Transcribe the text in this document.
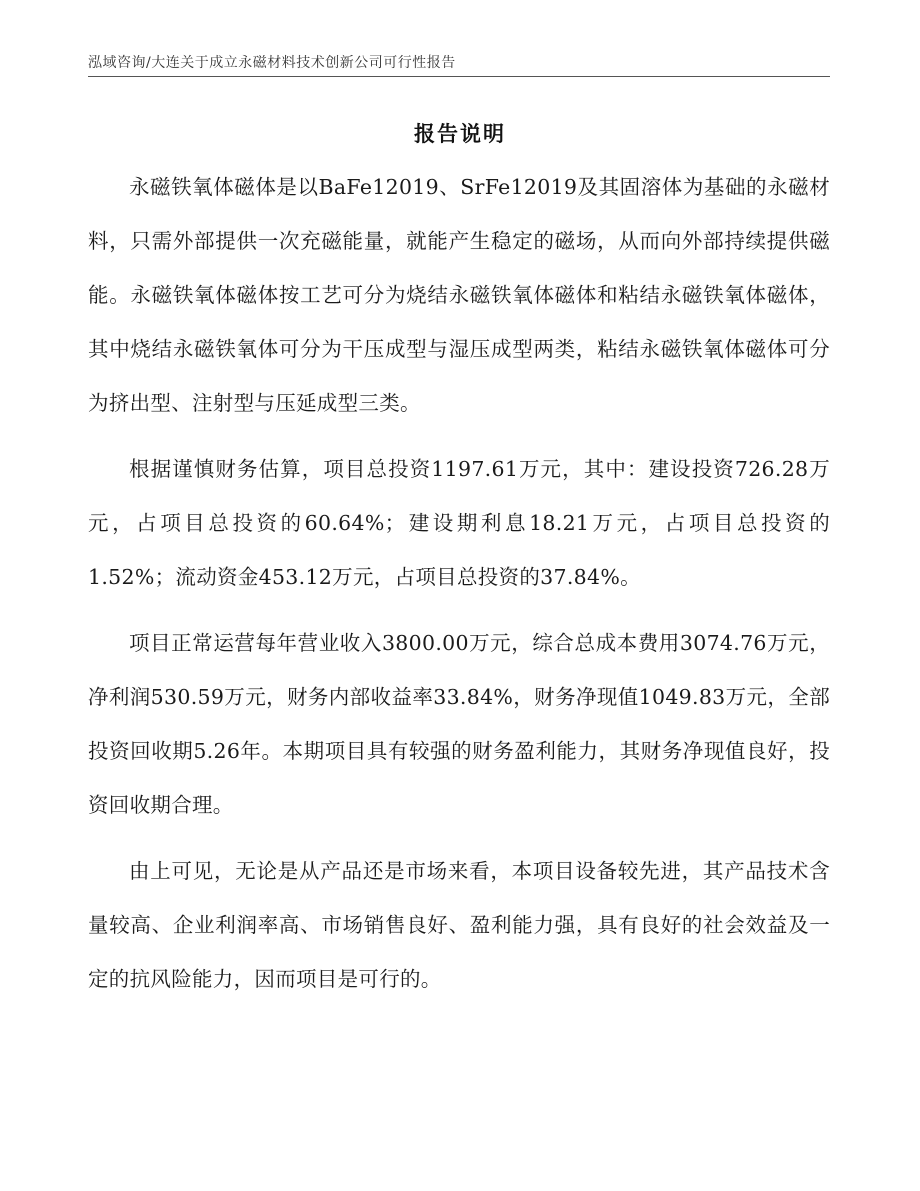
泓域咨询/大连关于成立永磁材料技术创新公司可行性报告
报告说明

永磁铁氧体磁体是以BaFe12019、SrFe12019及其固溶体为基础的永磁材料，只需外部提供一次充磁能量，就能产生稳定的磁场，从而向外部持续提供磁能。永磁铁氧体磁体按工艺可分为烧结永磁铁氧体磁体和粘结永磁铁氧体磁体，其中烧结永磁铁氧体可分为干压成型与湿压成型两类，粘结永磁铁氧体磁体可分为挤出型、注射型与压延成型三类。

根据谨慎财务估算，项目总投资1197.61万元，其中：建设投资726.28万元，占项目总投资的60.64%；建设期利息18.21万元，占项目总投资的1.52%；流动资金453.12万元，占项目总投资的37.84%。

项目正常运营每年营业收入3800.00万元，综合总成本费用3074.76万元，净利润530.59万元，财务内部收益率33.84%，财务净现值1049.83万元，全部投资回收期5.26年。本期项目具有较强的财务盈利能力，其财务净现值良好，投资回收期合理。

由上可见，无论是从产品还是市场来看，本项目设备较先进，其产品技术含量较高、企业利润率高、市场销售良好、盈利能力强，具有良好的社会效益及一定的抗风险能力，因而项目是可行的。
